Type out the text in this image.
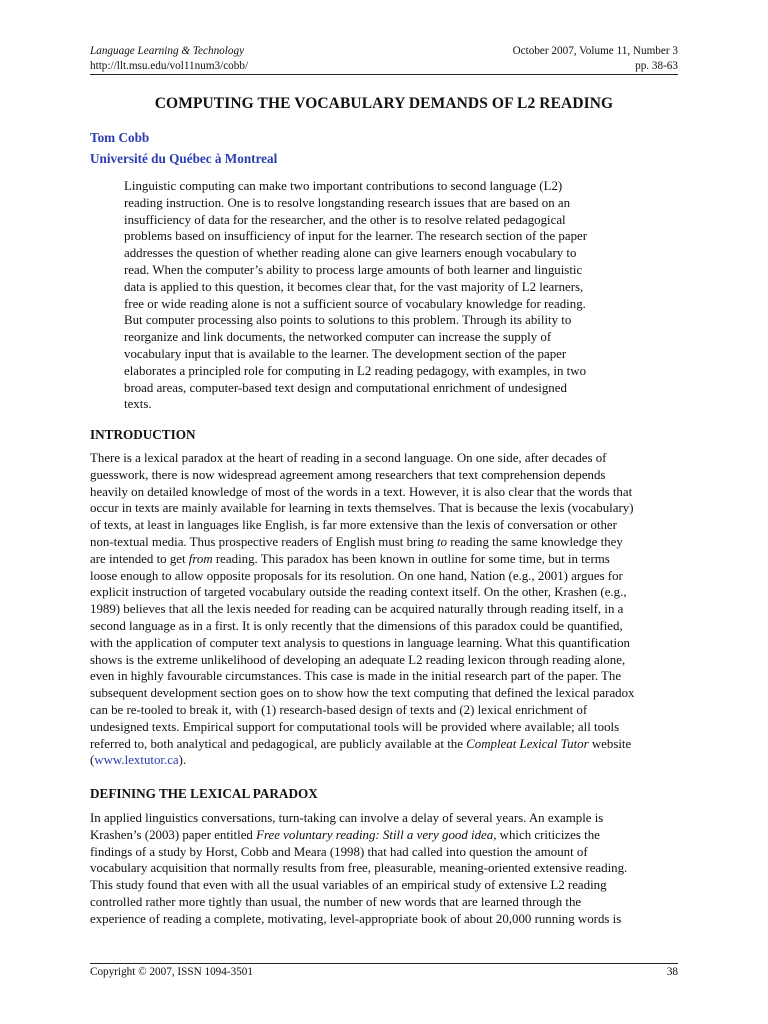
Language Learning & Technology
http://llt.msu.edu/vol11num3/cobb/
October 2007, Volume 11, Number 3
pp. 38-63
COMPUTING THE VOCABULARY DEMANDS OF L2 READING
Tom Cobb
Université du Québec à Montreal
Linguistic computing can make two important contributions to second language (L2)
reading instruction. One is to resolve longstanding research issues that are based on an
insufficiency of data for the researcher, and the other is to resolve related pedagogical
problems based on insufficiency of input for the learner. The research section of the paper
addresses the question of whether reading alone can give learners enough vocabulary to
read. When the computer’s ability to process large amounts of both learner and linguistic
data is applied to this question, it becomes clear that, for the vast majority of L2 learners,
free or wide reading alone is not a sufficient source of vocabulary knowledge for reading.
But computer processing also points to solutions to this problem. Through its ability to
reorganize and link documents, the networked computer can increase the supply of
vocabulary input that is available to the learner. The development section of the paper
elaborates a principled role for computing in L2 reading pedagogy, with examples, in two
broad areas, computer-based text design and computational enrichment of undesigned
texts.
INTRODUCTION
There is a lexical paradox at the heart of reading in a second language. On one side, after decades of
guesswork, there is now widespread agreement among researchers that text comprehension depends
heavily on detailed knowledge of most of the words in a text. However, it is also clear that the words that
occur in texts are mainly available for learning in texts themselves. That is because the lexis (vocabulary)
of texts, at least in languages like English, is far more extensive than the lexis of conversation or other
non-textual media. Thus prospective readers of English must bring to reading the same knowledge they
are intended to get from reading. This paradox has been known in outline for some time, but in terms
loose enough to allow opposite proposals for its resolution. On one hand, Nation (e.g., 2001) argues for
explicit instruction of targeted vocabulary outside the reading context itself. On the other, Krashen (e.g.,
1989) believes that all the lexis needed for reading can be acquired naturally through reading itself, in a
second language as in a first. It is only recently that the dimensions of this paradox could be quantified,
with the application of computer text analysis to questions in language learning. What this quantification
shows is the extreme unlikelihood of developing an adequate L2 reading lexicon through reading alone,
even in highly favourable circumstances. This case is made in the initial research part of the paper. The
subsequent development section goes on to show how the text computing that defined the lexical paradox
can be re-tooled to break it, with (1) research-based design of texts and (2) lexical enrichment of
undesigned texts. Empirical support for computational tools will be provided where available; all tools
referred to, both analytical and pedagogical, are publicly available at the Compleat Lexical Tutor website
(www.lextutor.ca).
DEFINING THE LEXICAL PARADOX
In applied linguistics conversations, turn-taking can involve a delay of several years. An example is
Krashen’s (2003) paper entitled Free voluntary reading: Still a very good idea, which criticizes the
findings of a study by Horst, Cobb and Meara (1998) that had called into question the amount of
vocabulary acquisition that normally results from free, pleasurable, meaning-oriented extensive reading.
This study found that even with all the usual variables of an empirical study of extensive L2 reading
controlled rather more tightly than usual, the number of new words that are learned through the
experience of reading a complete, motivating, level-appropriate book of about 20,000 running words is
Copyright © 2007, ISSN 1094-3501	38
